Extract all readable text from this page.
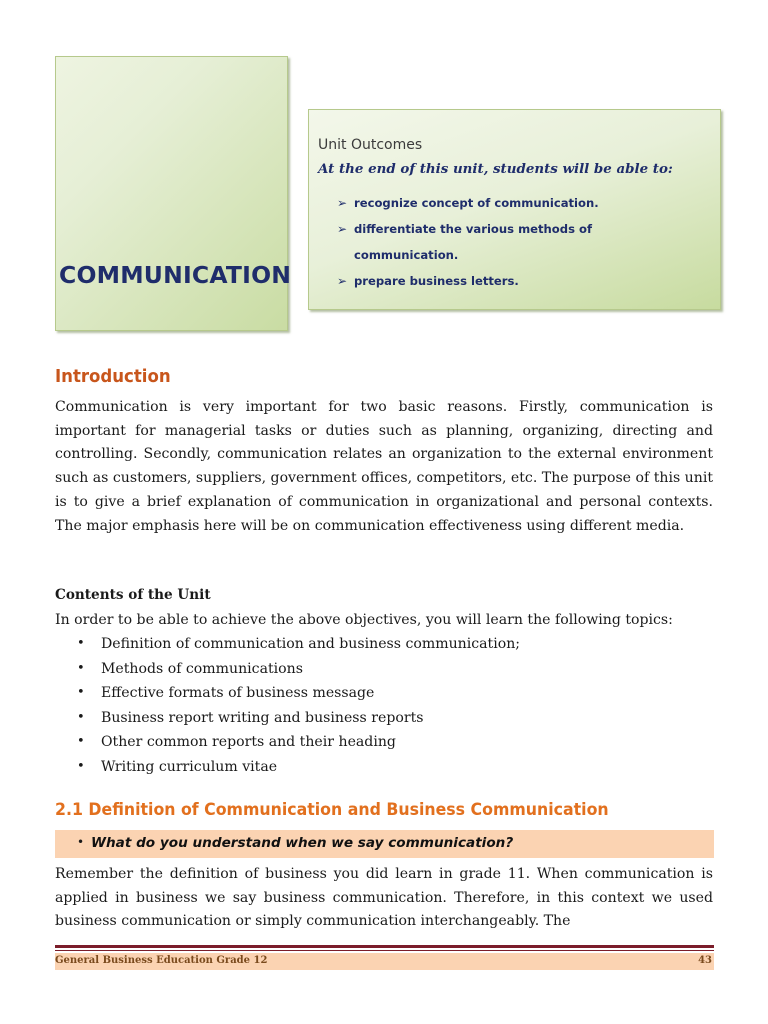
COMMUNICATION
Unit Outcomes
At the end of this unit, students will be able to:
➢ recognize concept of communication.
➢ differentiate the various methods of communication.
➢ prepare business letters.
Introduction

Communication is very important for two basic reasons. Firstly, communication is important for managerial tasks or duties such as planning, organizing, directing and controlling. Secondly, communication relates an organization to the external environment such as customers, suppliers, government offices, competitors, etc. The purpose of this unit is to give a brief explanation of communication in organizational and personal contexts. The major emphasis here will be on communication effectiveness using different media.

Contents of the Unit

In order to be able to achieve the above objectives, you will learn the following topics:

• Definition of communication and business communication;
• Methods of communications
• Effective formats of business message
• Business report writing and business reports
• Other common reports and their heading
• Writing curriculum vitae
2.1 Definition of Communication and Business Communication
• What do you understand when we say communication?

Remember the definition of business you did learn in grade 11. When communication is applied in business we say business communication. Therefore, in this context we used business communication or simply communication interchangeably. The

General Business Education Grade 12	43
